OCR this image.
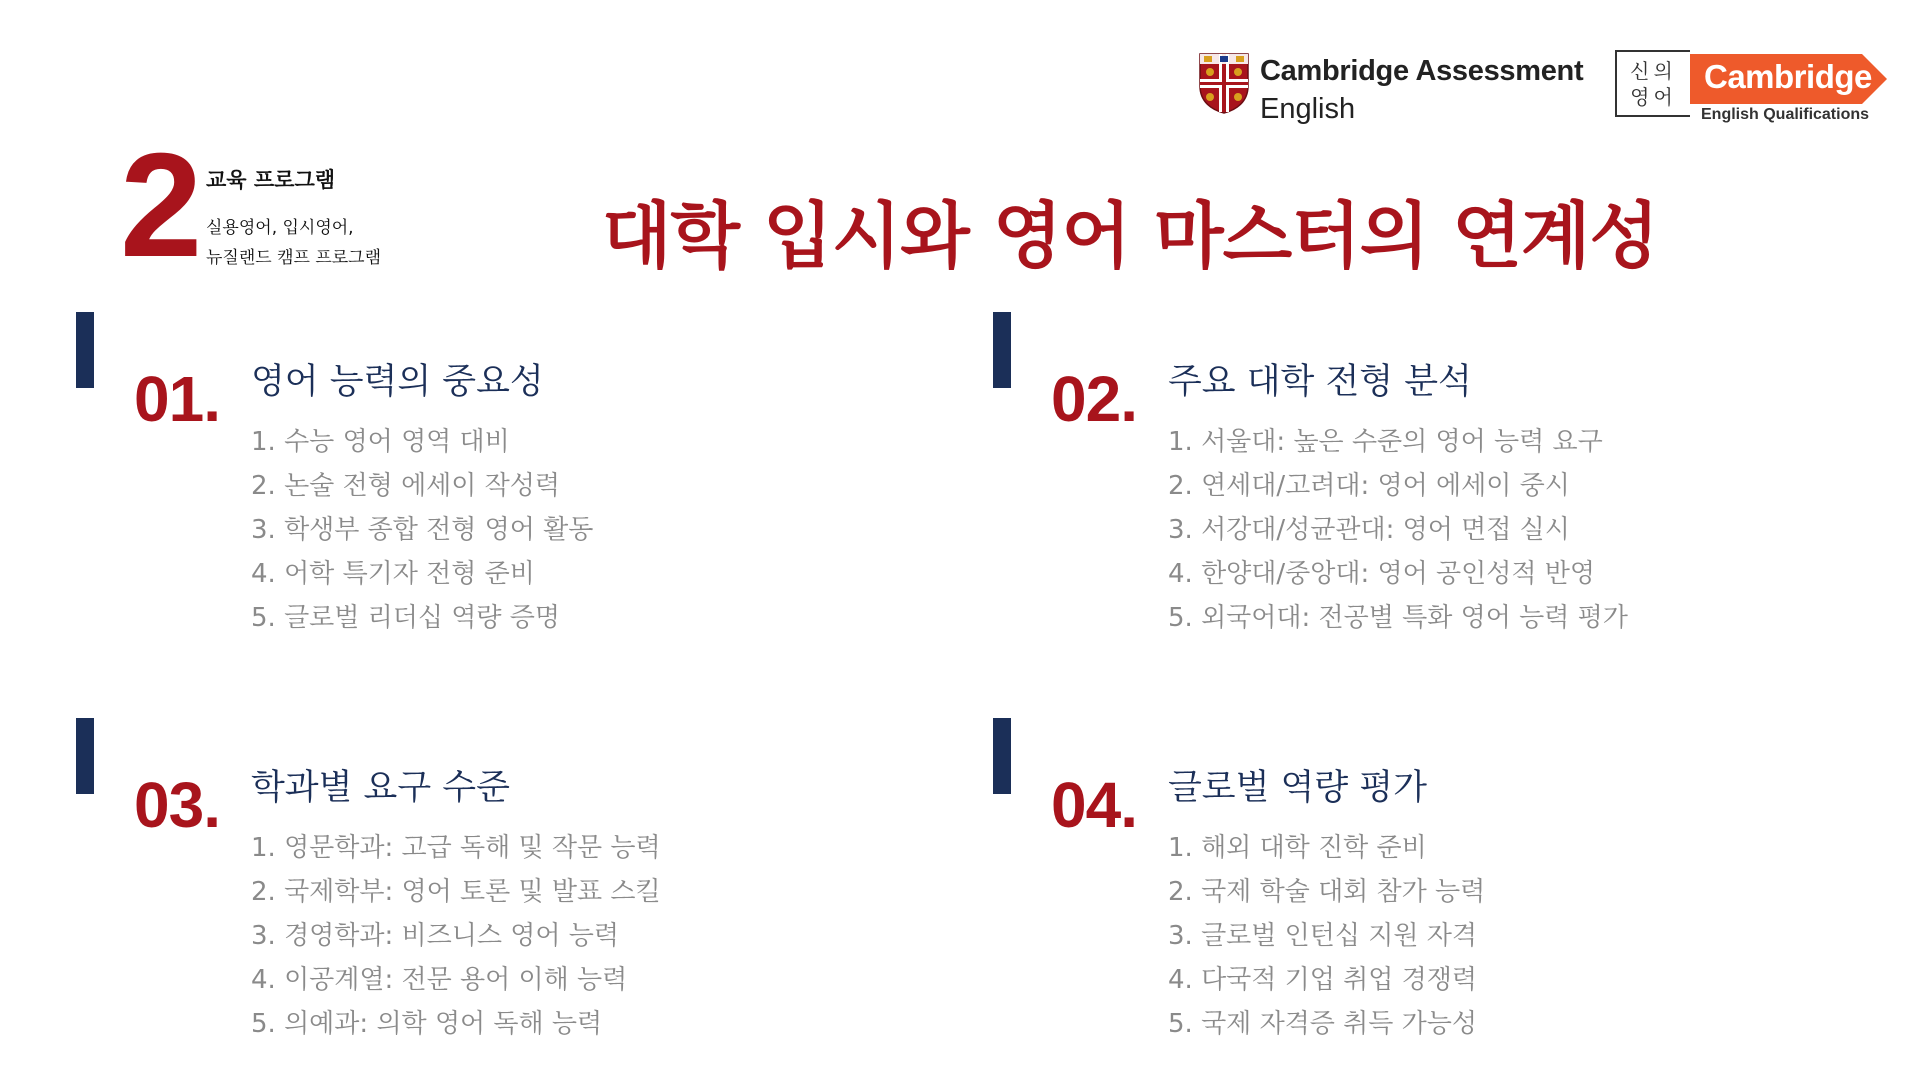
Cambridge Assessment
English
신의
영어
Cambridge
English Qualifications
2 교육 프로그램
실용영어, 입시영어,
뉴질랜드 캠프 프로그램	대학 입시와 영어 마스터의 연계성
01. 영어 능력의 중요성
1. 수능 영어 영역 대비
2. 논술 전형 에세이 작성력
3. 학생부 종합 전형 영어 활동
4. 어학 특기자 전형 준비
5. 글로벌 리더십 역량 증명
02. 주요 대학 전형 분석
1. 서울대: 높은 수준의 영어 능력 요구
2. 연세대/고려대: 영어 에세이 중시
3. 서강대/성균관대: 영어 면접 실시
4. 한양대/중앙대: 영어 공인성적 반영
5. 외국어대: 전공별 특화 영어 능력 평가
03. 학과별 요구 수준
1. 영문학과: 고급 독해 및 작문 능력
2. 국제학부: 영어 토론 및 발표 스킬
3. 경영학과: 비즈니스 영어 능력
4. 이공계열: 전문 용어 이해 능력
5. 의예과: 의학 영어 독해 능력
04. 글로벌 역량 평가
1. 해외 대학 진학 준비
2. 국제 학술 대회 참가 능력
3. 글로벌 인턴십 지원 자격
4. 다국적 기업 취업 경쟁력
5. 국제 자격증 취득 가능성
